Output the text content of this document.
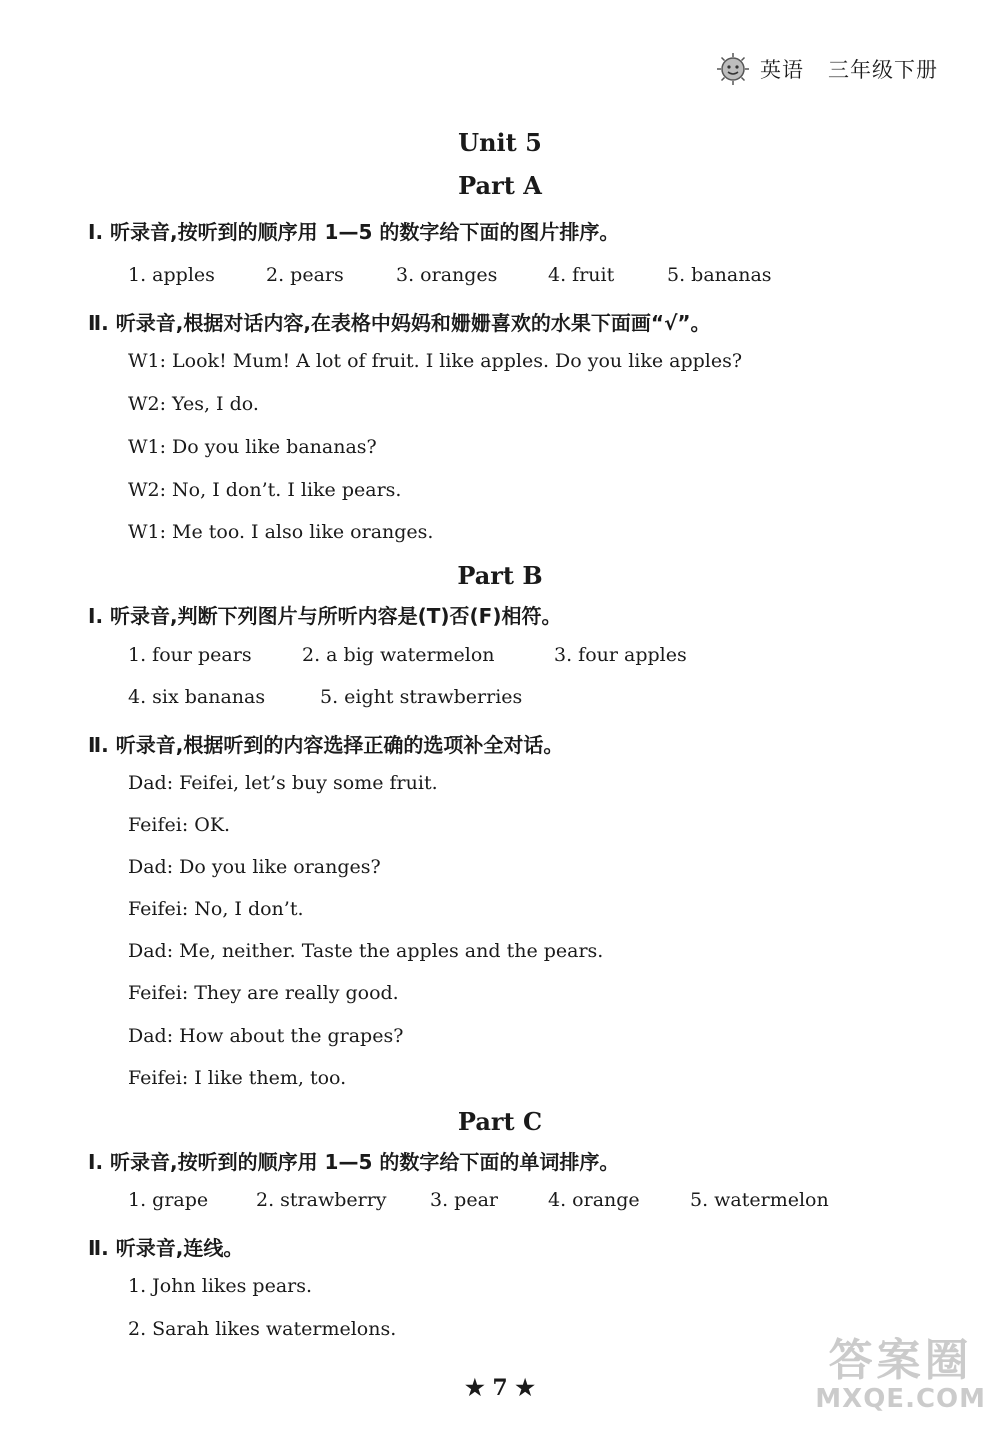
英语 三年级下册
Unit 5
Part A
Ⅰ. 听录音,按听到的顺序用 1—5 的数字给下面的图片排序。
1. apples	2. pears	3. oranges	4. fruit	5. bananas
Ⅱ. 听录音,根据对话内容,在表格中妈妈和姗姗喜欢的水果下面画“√”。
W1: Look! Mum! A lot of fruit. I like apples. Do you like apples?
W2: Yes, I do.
W1: Do you like bananas?
W2: No, I don’t. I like pears.
W1: Me too. I also like oranges.
Part B
Ⅰ. 听录音,判断下列图片与所听内容是(T)否(F)相符。
1. four pears	2. a big watermelon	3. four apples
4. six bananas	5. eight strawberries
Ⅱ. 听录音,根据听到的内容选择正确的选项补全对话。
Dad: Feifei, let’s buy some fruit.
Feifei: OK.
Dad: Do you like oranges?
Feifei: No, I don’t.
Dad: Me, neither. Taste the apples and the pears.
Feifei: They are really good.
Dad: How about the grapes?
Feifei: I like them, too.
Part C
Ⅰ. 听录音,按听到的顺序用 1—5 的数字给下面的单词排序。
1. grape	2. strawberry 3. pear	4. orange	5. watermelon
Ⅱ. 听录音,连线。
1. John likes pears.
2. Sarah likes watermelons.
★ 7 ★
答案圈
MXQE.COM
